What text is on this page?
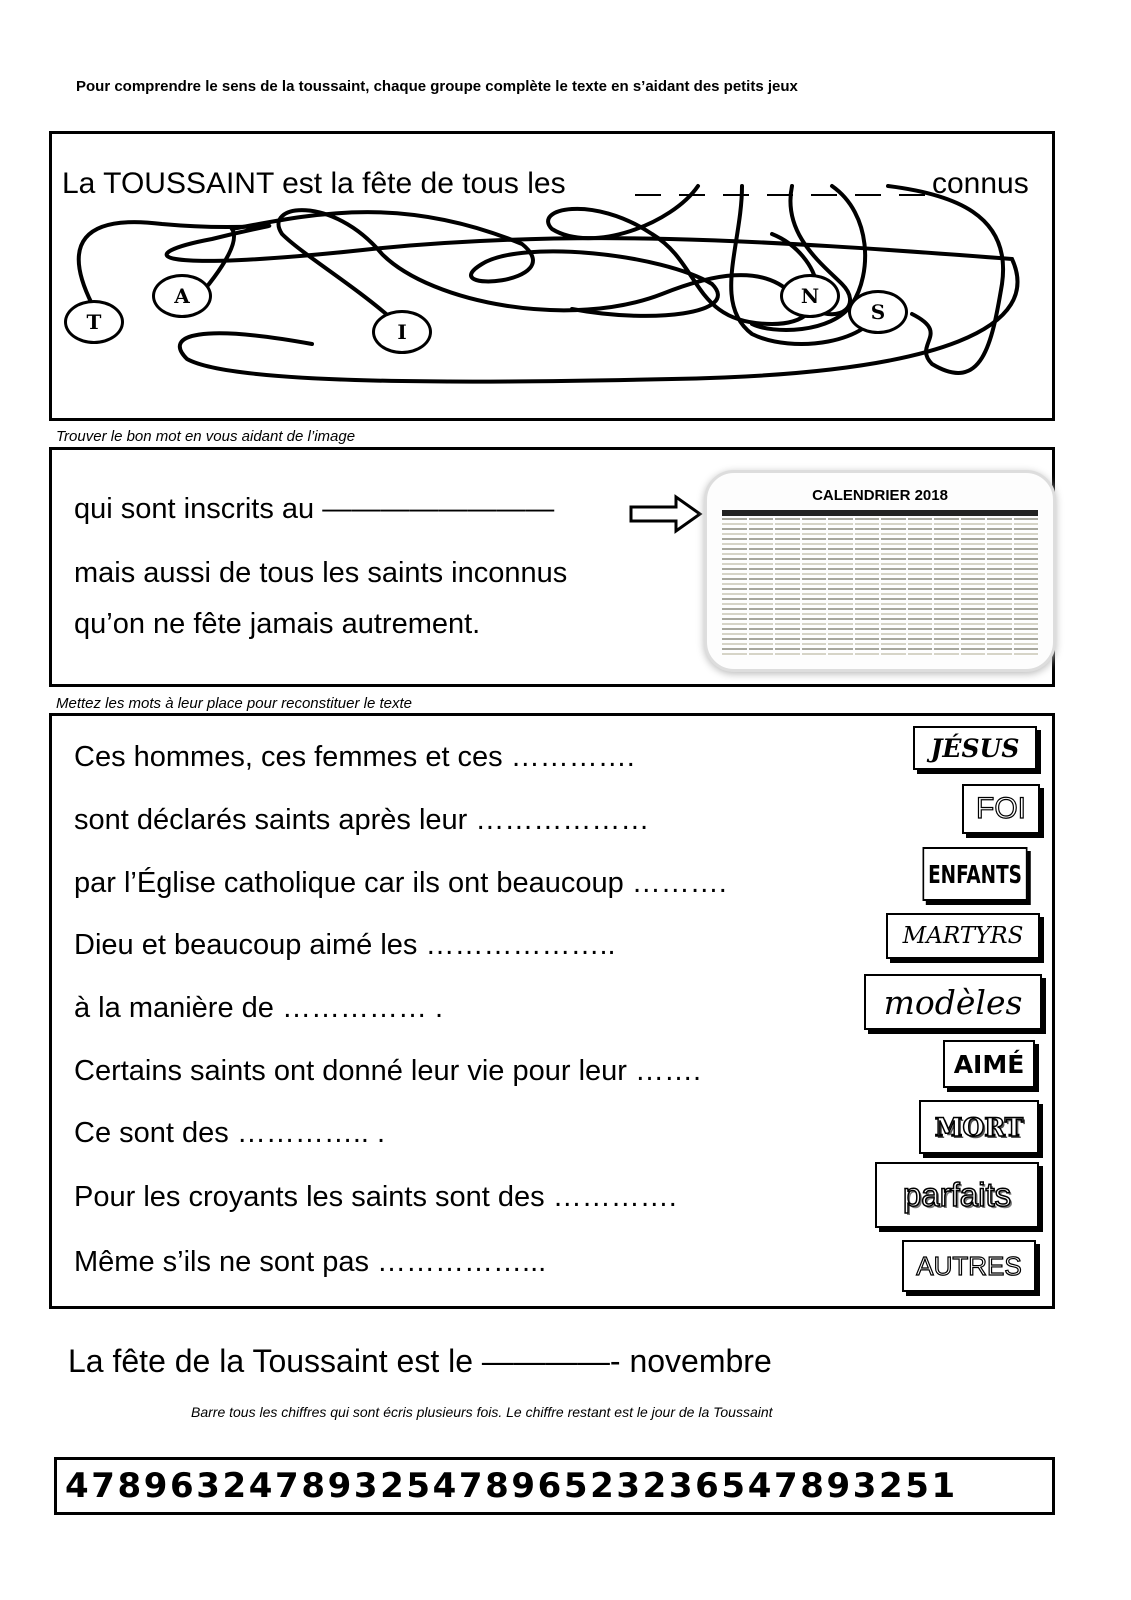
Pour comprendre le sens de la toussaint, chaque groupe complète le texte en s’aidant des petits jeux
La TOUSSAINT est la fête de tous les	connus
T
A
I
N
S
Trouver le bon mot en vous aidant de l’image
qui sont inscrits au ————————
mais aussi de tous les saints inconnus
qu’on ne fête jamais autrement.
CALENDRIER 2018
Mettez les mots à leur place pour reconstituer le texte
Ces hommes, ces femmes et ces ………….
sont déclarés saints après leur ………………
par l’Église catholique car ils ont beaucoup ……….
Dieu et beaucoup aimé les ………………..
à la manière de …………… .
Certains saints ont donné leur vie pour leur …….
Ce sont des ………….. .
Pour les croyants les saints sont des ………….
Même s’ils ne sont pas ……………...
JÉSUS
FOI
ENFANTS
MARTYRS
modèles
AIMÉ
MORT
parfaits
AUTRES
La fête de la Toussaint est le ————- novembre
Barre tous les chiffres qui sont écris plusieurs fois. Le chiffre restant est le jour de la Toussaint
4789632478932547896523236547893251
